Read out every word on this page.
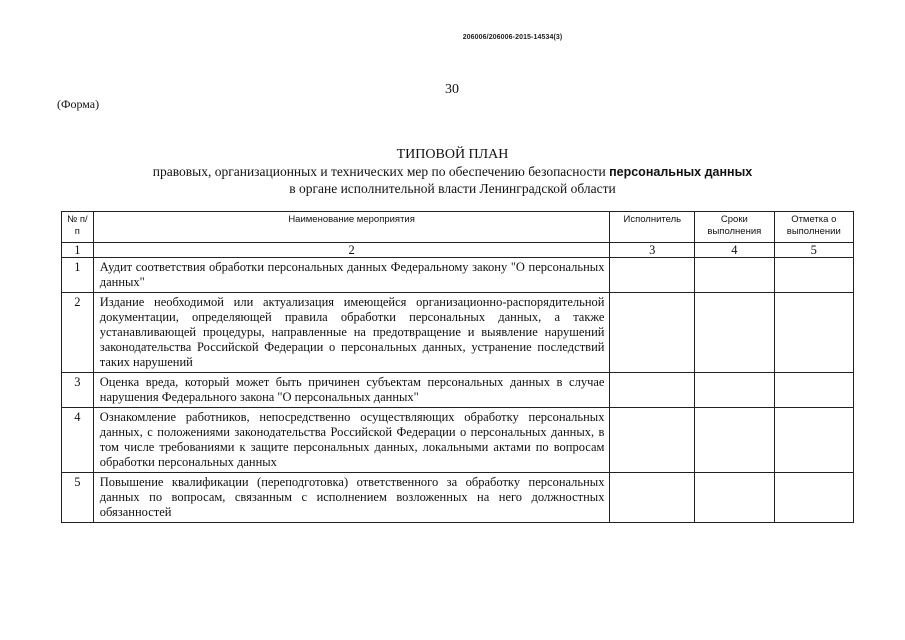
206006/206006-2015-14534(3)
30
(Форма)
ТИПОВОЙ ПЛАН
правовых, организационных и технических мер по обеспечению безопасности персональных данных
в органе исполнительной власти Ленинградской области
№ п/п	Наименование мероприятия	Исполнитель	Сроки выполнения	Отметка о выполнении
1	2	3	4	5
1	Аудит соответствия обработки персональных данных Федеральному закону "О персональных данных"			
2	Издание необходимой или актуализация имеющейся организационно-распорядительной документации, определяющей правила обработки персональных данных, а также устанавливающей процедуры, направленные на предотвращение и выявление нарушений законодательства Российской Федерации о персональных данных, устранение последствий таких нарушений			
3	Оценка вреда, который может быть причинен субъектам персональных данных в случае нарушения Федерального закона "О персональных данных"			
4	Ознакомление работников, непосредственно осуществляющих обработку персональных данных, с положениями законодательства Российской Федерации о персональных данных, в том числе требованиями к защите персональных данных, локальными актами по вопросам обработки персональных данных			
5	Повышение квалификации (переподготовка) ответственного за обработку персональных данных по вопросам, связанным с исполнением возложенных на него должностных обязанностей			
